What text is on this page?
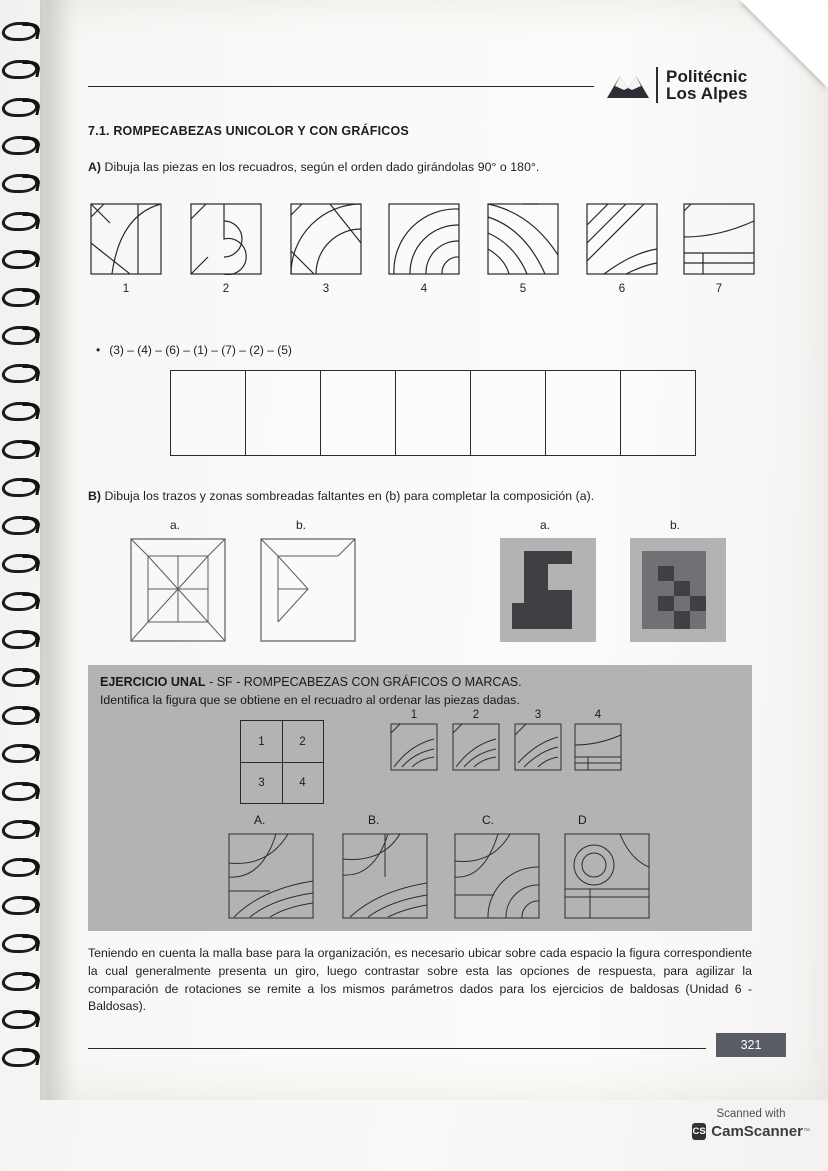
Politécnic
Los Alpes
7.1. ROMPECABEZAS UNICOLOR Y CON GRÁFICOS
A) Dibuja las piezas en los recuadros, según el orden dado girándolas 90° o 180°.
1	2	3	4	5	6	7
• (3) – (4) – (6) – (1) – (7) – (2) – (5)
B) Dibuja los trazos y zonas sombreadas faltantes en (b) para completar la composición (a).
a.	b.	a.	b.
EJERCICIO UNAL - SF - ROMPECABEZAS CON GRÁFICOS O MARCAS.
Identifica la figura que se obtiene en el recuadro al ordenar las piezas dadas.
1	2
3	4
1	2	3	4
A.	B.	C.	D
Teniendo en cuenta la malla base para la organización, es necesario ubicar sobre cada espacio la figura correspondiente la cual generalmente presenta un giro, luego contrastar sobre esta las opciones de respuesta, para agilizar la comparación de rotaciones se remite a los mismos parámetros dados para los ejercicios de baldosas (Unidad 6 - Baldosas).
321
Scanned with
CS CamScanner ™
